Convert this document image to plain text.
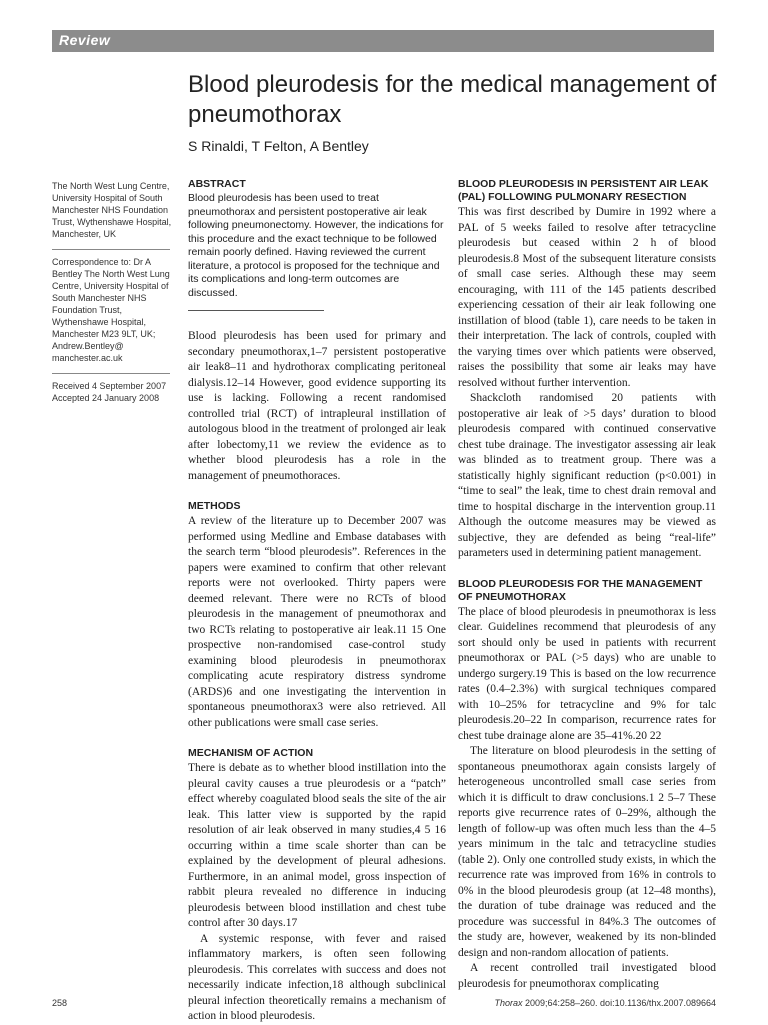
Review
Blood pleurodesis for the medical management of pneumothorax
S Rinaldi, T Felton, A Bentley

The North West Lung Centre, University Hospital of South Manchester NHS Foundation Trust, Wythenshawe Hospital, Manchester, UK

Correspondence to: Dr A Bentley The North West Lung Centre, University Hospital of South Manchester NHS Foundation Trust, Wythenshawe Hospital, Manchester M23 9LT, UK; Andrew.Bentley@ manchester.ac.uk

Received 4 September 2007

Accepted 24 January 2008

ABSTRACT

Blood pleurodesis has been used to treat pneumothorax and persistent postoperative air leak following pneumonectomy. However, the indications for this procedure and the exact technique to be followed remain poorly defined. Having reviewed the current literature, a protocol is proposed for the technique and its complications and long-term outcomes are discussed.

Blood pleurodesis has been used for primary and secondary pneumothorax,1–7 persistent postoperative air leak8–11 and hydrothorax complicating peritoneal dialysis.12–14 However, good evidence supporting its use is lacking. Following a recent randomised controlled trial (RCT) of intrapleural instillation of autologous blood in the treatment of prolonged air leak after lobectomy,11 we review the evidence as to whether blood pleurodesis has a role in the management of pneumothoraces.

METHODS

A review of the literature up to December 2007 was performed using Medline and Embase databases with the search term “blood pleurodesis”. References in the papers were examined to confirm that other relevant reports were not overlooked. Thirty papers were deemed relevant. There were no RCTs of blood pleurodesis in the management of pneumothorax and two RCTs relating to postoperative air leak.11 15 One prospective non-randomised case-control study examining blood pleurodesis in pneumothorax complicating acute respiratory distress syndrome (ARDS)6 and one investigating the intervention in spontaneous pneumothorax3 were also retrieved. All other publications were small case series.

MECHANISM OF ACTION

There is debate as to whether blood instillation into the pleural cavity causes a true pleurodesis or a “patch” effect whereby coagulated blood seals the site of the air leak. This latter view is supported by the rapid resolution of air leak observed in many studies,4 5 16 occurring within a time scale shorter than can be explained by the development of pleural adhesions. Furthermore, in an animal model, gross inspection of rabbit pleura revealed no difference in inducing pleurodesis between blood instillation and chest tube control after 30 days.17

A systemic response, with fever and raised inflammatory markers, is often seen following pleurodesis. This correlates with success and does not necessarily indicate infection,18 although subclinical pleural infection theoretically remains a mechanism of action in blood pleurodesis.

BLOOD PLEURODESIS IN PERSISTENT AIR LEAK (PAL) FOLLOWING PULMONARY RESECTION

This was first described by Dumire in 1992 where a PAL of 5 weeks failed to resolve after tetracycline pleurodesis but ceased within 2 h of blood pleurodesis.8 Most of the subsequent literature consists of small case series. Although these may seem encouraging, with 111 of the 145 patients described experiencing cessation of their air leak following one instillation of blood (table 1), care needs to be taken in their interpretation. The lack of controls, coupled with the varying times over which patients were observed, raises the possibility that some air leaks may have resolved without further intervention.

Shackcloth randomised 20 patients with postoperative air leak of >5 days’ duration to blood pleurodesis compared with continued conservative chest tube drainage. The investigator assessing air leak was blinded as to treatment group. There was a statistically highly significant reduction (p<0.001) in “time to seal” the leak, time to chest drain removal and time to hospital discharge in the intervention group.11 Although the outcome measures may be viewed as subjective, they are defended as being “real-life” parameters used in determining patient management.

BLOOD PLEURODESIS FOR THE MANAGEMENT OF PNEUMOTHORAX

The place of blood pleurodesis in pneumothorax is less clear. Guidelines recommend that pleurodesis of any sort should only be used in patients with recurrent pneumothorax or PAL (>5 days) who are unable to undergo surgery.19 This is based on the low recurrence rates (0.4–2.3%) with surgical techniques compared with 10–25% for tetracycline and 9% for talc pleurodesis.20–22 In comparison, recurrence rates for chest tube drainage alone are 35–41%.20 22

The literature on blood pleurodesis in the setting of spontaneous pneumothorax again consists largely of heterogeneous uncontrolled small case series from which it is difficult to draw conclusions.1 2 5–7 These reports give recurrence rates of 0–29%, although the length of follow-up was often much less than the 4–5 years minimum in the talc and tetracycline studies (table 2). Only one controlled study exists, in which the recurrence rate was improved from 16% in controls to 0% in the blood pleurodesis group (at 12–48 months), the duration of tube drainage was reduced and the procedure was successful in 84%.3 The outcomes of the study are, however, weakened by its non-blinded design and non-random allocation of patients.

A recent controlled trail investigated blood pleurodesis for pneumothorax complicating

258	Thorax 2009;64:258–260. doi:10.1136/thx.2007.089664
